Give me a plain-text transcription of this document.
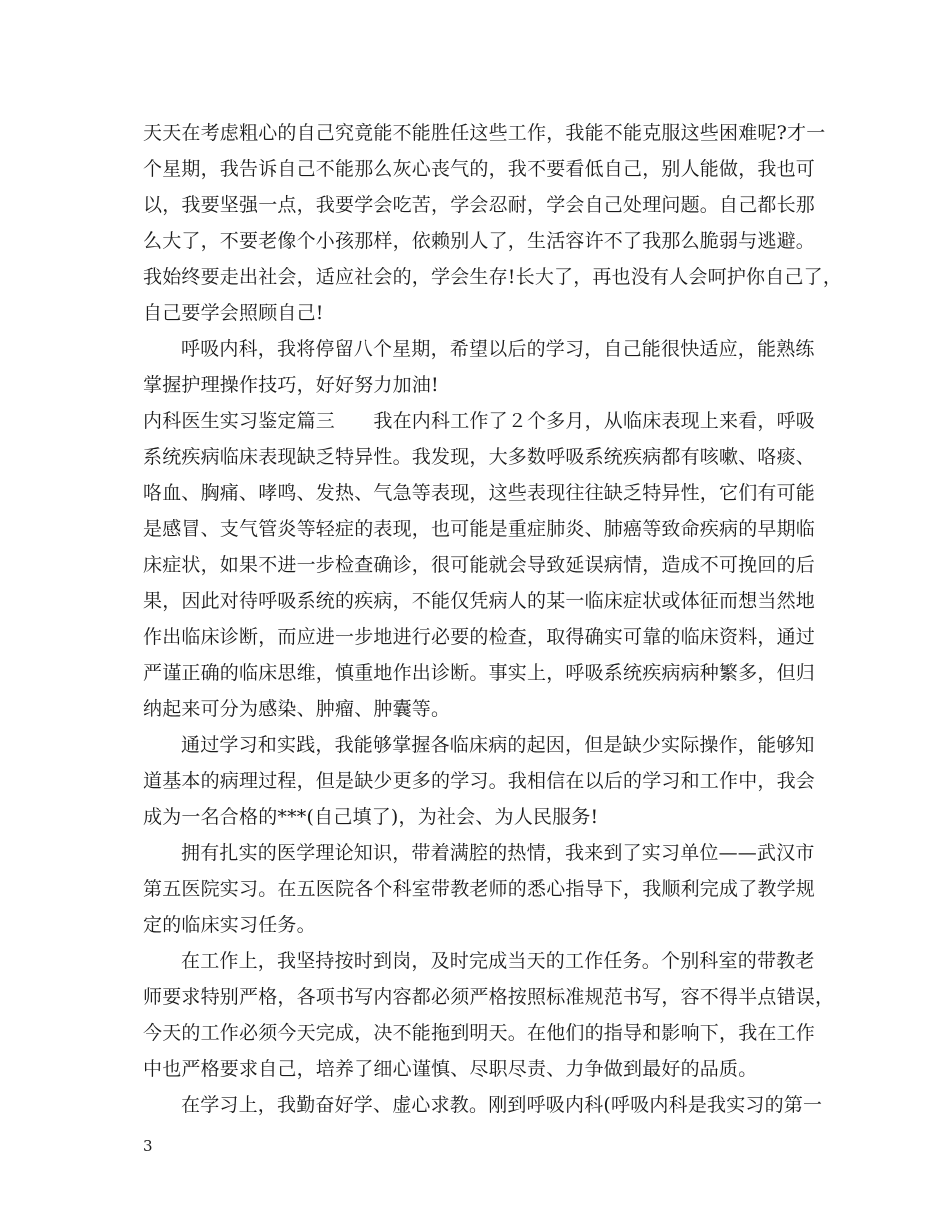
天天在考虑粗心的自己究竟能不能胜任这些工作，我能不能克服这些困难呢?才一
个星期，我告诉自己不能那么灰心丧气的，我不要看低自己，别人能做，我也可
以，我要坚强一点，我要学会吃苦，学会忍耐，学会自己处理问题。自己都长那
么大了，不要老像个小孩那样，依赖别人了，生活容许不了我那么脆弱与逃避。
我始终要走出社会，适应社会的，学会生存!长大了，再也没有人会呵护你自己了，
自己要学会照顾自己!
呼吸内科，我将停留八个星期，希望以后的学习，自己能很快适应，能熟练
掌握护理操作技巧，好好努力加油!
内科医生实习鉴定篇三　　我在内科工作了２个多月，从临床表现上来看，呼吸
系统疾病临床表现缺乏特异性。我发现，大多数呼吸系统疾病都有咳嗽、咯痰、
咯血、胸痛、哮鸣、发热、气急等表现，这些表现往往缺乏特异性，它们有可能
是感冒、支气管炎等轻症的表现，也可能是重症肺炎、肺癌等致命疾病的早期临
床症状，如果不进一步检查确诊，很可能就会导致延误病情，造成不可挽回的后
果，因此对待呼吸系统的疾病，不能仅凭病人的某一临床症状或体征而想当然地
作出临床诊断，而应进一步地进行必要的检查，取得确实可靠的临床资料，通过
严谨正确的临床思维，慎重地作出诊断。事实上，呼吸系统疾病病种繁多，但归
纳起来可分为感染、肿瘤、肿囊等。
通过学习和实践，我能够掌握各临床病的起因，但是缺少实际操作，能够知
道基本的病理过程，但是缺少更多的学习。我相信在以后的学习和工作中，我会
成为一名合格的***(自己填了)，为社会、为人民服务!
拥有扎实的医学理论知识，带着满腔的热情，我来到了实习单位——武汉市
第五医院实习。在五医院各个科室带教老师的悉心指导下，我顺利完成了教学规
定的临床实习任务。
在工作上，我坚持按时到岗，及时完成当天的工作任务。个别科室的带教老
师要求特别严格，各项书写内容都必须严格按照标准规范书写，容不得半点错误，
今天的工作必须今天完成，决不能拖到明天。在他们的指导和影响下，我在工作
中也严格要求自己，培养了细心谨慎、尽职尽责、力争做到最好的品质。
在学习上，我勤奋好学、虚心求教。刚到呼吸内科(呼吸内科是我实习的第一
3
